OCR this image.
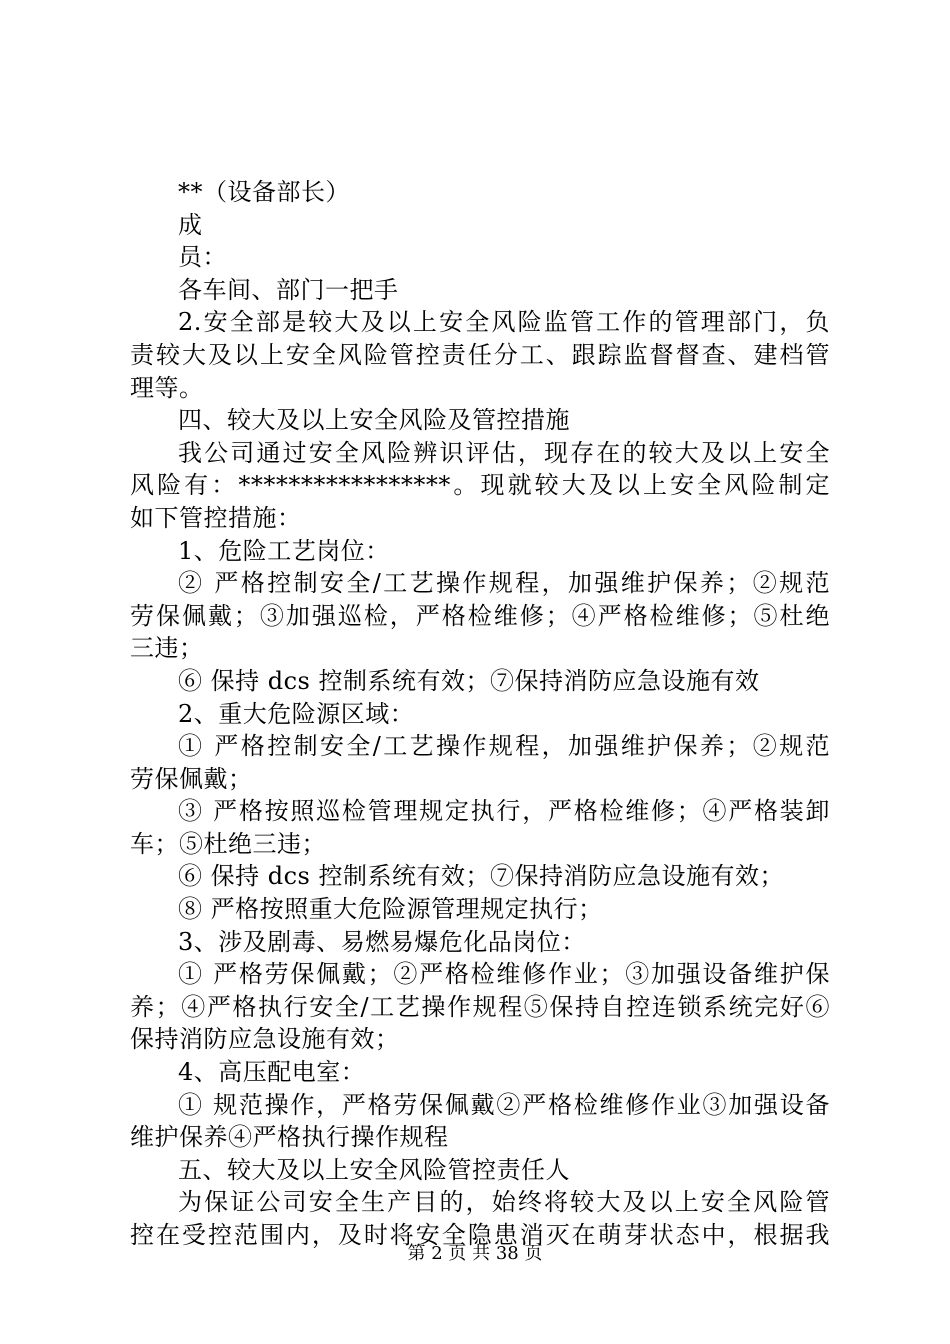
**（设备部长）
成
员：
各车间、部门一把手
2.安全部是较大及以上安全风险监管工作的管理部门，负
责较大及以上安全风险管控责任分工、跟踪监督督查、建档管
理等。
四、较大及以上安全风险及管控措施
我公司通过安全风险辨识评估，现存在的较大及以上安全
风险有：*****************。现就较大及以上安全风险制定
如下管控措施：
1、危险工艺岗位：
② 严格控制安全/工艺操作规程，加强维护保养；②规范
劳保佩戴；③加强巡检，严格检维修；④严格检维修；⑤杜绝
三违；
⑥ 保持 dcs 控制系统有效；⑦保持消防应急设施有效
2、重大危险源区域：
① 严格控制安全/工艺操作规程，加强维护保养；②规范
劳保佩戴；
③ 严格按照巡检管理规定执行，严格检维修；④严格装卸
车；⑤杜绝三违；
⑥ 保持 dcs 控制系统有效；⑦保持消防应急设施有效；
⑧ 严格按照重大危险源管理规定执行；
3、涉及剧毒、易燃易爆危化品岗位：
① 严格劳保佩戴；②严格检维修作业；③加强设备维护保
养；④严格执行安全/工艺操作规程⑤保持自控连锁系统完好⑥
保持消防应急设施有效；
4、高压配电室：
① 规范操作，严格劳保佩戴②严格检维修作业③加强设备
维护保养④严格执行操作规程
五、较大及以上安全风险管控责任人
为保证公司安全生产目的，始终将较大及以上安全风险管
控在受控范围内，及时将安全隐患消灭在萌芽状态中，根据我
第 2 页 共 38 页
